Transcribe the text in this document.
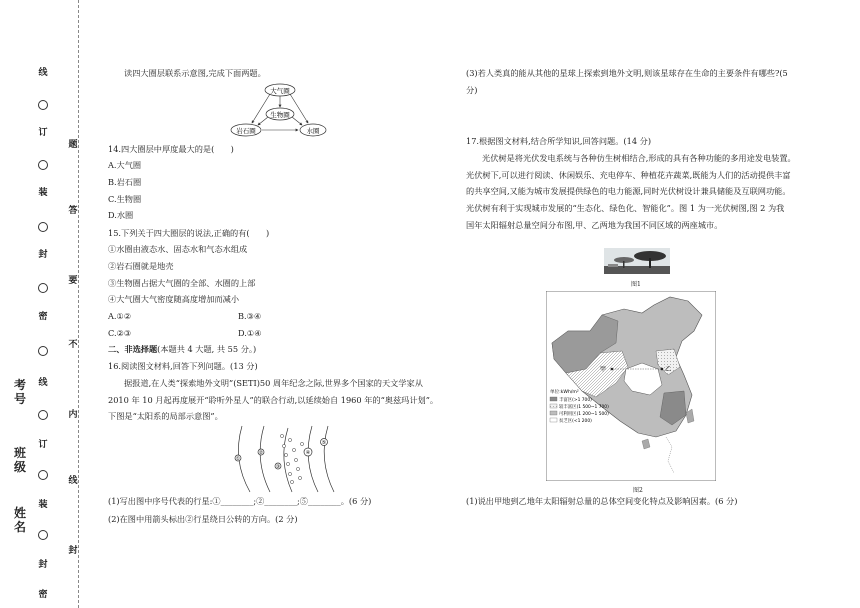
线
订
装
封
密
线
订
装
封
密
题
答
要
不
内
线
封
考号
班级
姓名
读四大圈层联系示意图,完成下面两题。
大气圈
生物圈
岩石圈	水圈
14.四大圈层中厚度最大的是(　　)
A.大气圈
B.岩石圈
C.生物圈
D.水圈
15.下列关于四大圈层的说法,正确的有(　　)
①水圈由液态水、固态水和气态水组成
②岩石圈就是地壳
③生物圈占据大气圈的全部、水圈的上部
④大气圈大气密度随高度增加而减小
A.①②	B.③④
C.②③	D.①④
二、非选择题(本题共 4 大题, 共 55 分。)
16.阅读图文材料,回答下列问题。(13 分)
据报道,在人类“探索地外文明”(SETI)50 周年纪念之际,世界多个国家的天文学家从
2010 年 10 月起再度展开“聆听外星人”的联合行动,以延续始自 1960 年的“奥兹玛计划”。
下图是“太阳系的局部示意图”。
①
②
③
④
⑤
(1)写出图中序号代表的行星:①________;②________;⑤________。(6 分)
(2)在图中用箭头标出②行星绕日公转的方向。(2 分)
(3)若人类真的能从其他的星球上探索到地外文明,则该星球存在生命的主要条件有哪些?(5
分)
17.根据图文材料,结合所学知识,回答问题。(14 分)
光伏树是将光伏发电系统与各种仿生树相结合,形成的具有各种功能的多用途发电装置。
光伏树下,可以进行阅读、休闲娱乐、充电停车、种植花卉蔬菜,既能为人们的活动提供丰富
的共享空间,又能为城市发展提供绿色的电力能源,同时光伏树设计兼具储能及互联网功能。
光伏树有利于实现城市发展的“生态化、绿色化、智能化”。图 1 为一光伏树图,图 2 为我
国年太阳辐射总量空间分布图,甲、乙两地为我国不同区域的两座城市。
图1
甲	乙
单位:kWh/m²
丰富区(>1 700)
较丰富区(1 500~1 700)
可利用区(1 200~1 500)
贫乏区(<1 200)
图2
(1)说出甲地到乙地年太阳辐射总量的总体空间变化特点及影响因素。(6 分)
